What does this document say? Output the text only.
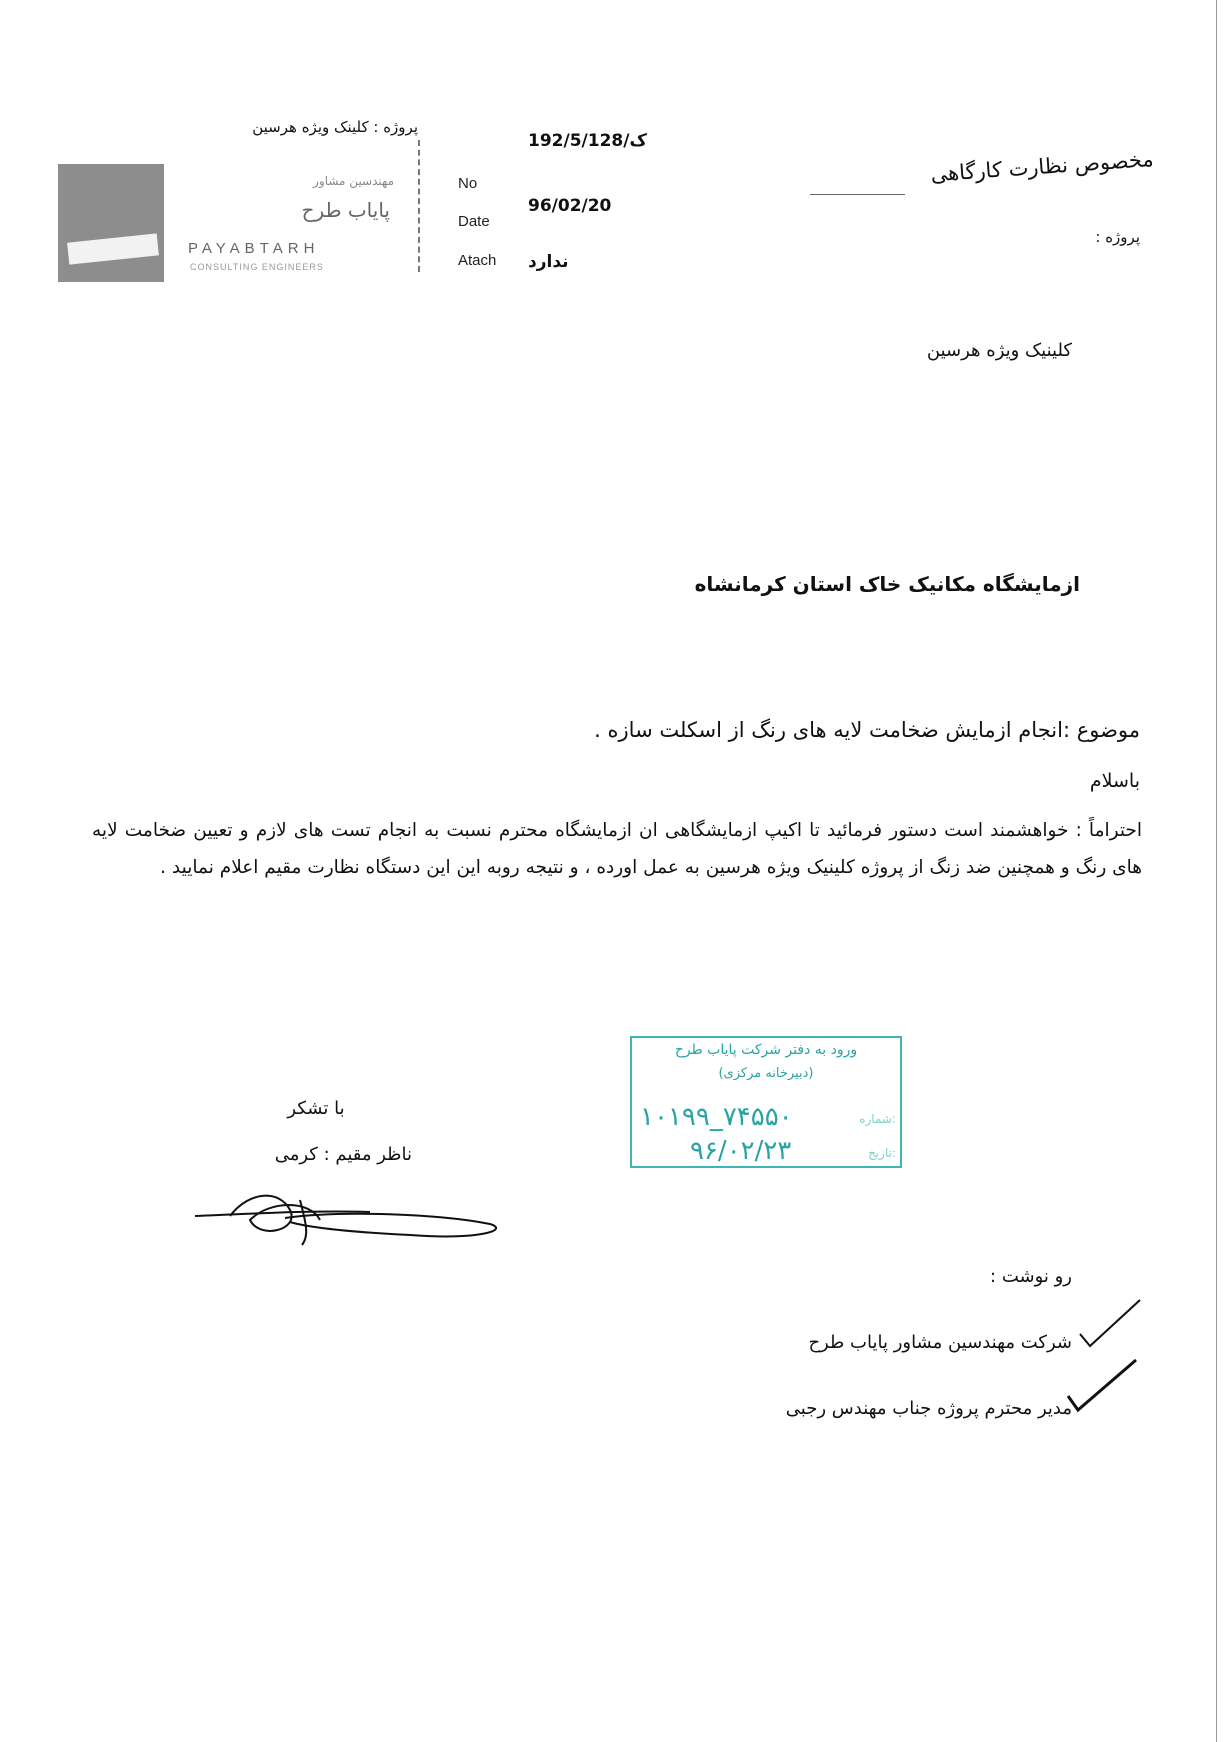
مهندسین مشاور
پایاب طرح
PAYABTARH
CONSULTING ENGINEERS
پروژه : کلینک ویژه هرسین
No
Date
Atach
192/5/ک/128
96/02/20
ندارد
مخصوص نظارت کارگاهی
پروژه :
کلینیک ویژه هرسین
ازمایشگاه مکانیک خاک استان کرمانشاه
موضوع :انجام ازمایش ضخامت لایه های رنگ از اسکلت سازه .
باسلام
احتراماً : خواهشمند است دستور فرمائید تا اکیپ ازمایشگاهی ان ازمایشگاه محترم نسبت به انجام تست های لازم و تعیین ضخامت لایه های رنگ و همچنین ضد زنگ از پروژه کلینیک ویژه هرسین به عمل اورده ، و نتیجه روبه این این دستگاه نظارت مقیم اعلام نمایید .
ورود به دفتر شرکت پایاب طرح
(دبیرخانه مرکزی)
شماره:
۱۰۱۹۹_۷۴۵۵۰
تاریخ:
۹۶/۰۲/۲۳
با تشکر
ناظر مقیم : کرمی
رو نوشت :
شرکت مهندسین مشاور پایاب طرح
مدیر محترم پروژه جناب مهندس رجبی
